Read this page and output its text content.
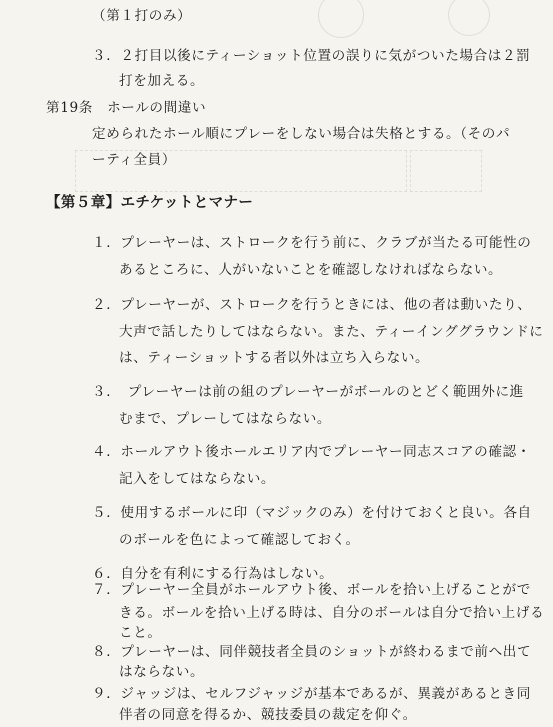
（第１打のみ）
３．２打目以後にティーショット位置の誤りに気がついた場合は２罰
打を加える。
第19条　ホールの間違い
定められたホール順にプレーをしない場合は失格とする。（そのパ
ーティ全員）
【第５章】エチケットとマナー
１．プレーヤーは、ストロークを行う前に、クラブが当たる可能性の
あるところに、人がいないことを確認しなければならない。
２．プレーヤーが、ストロークを行うときには、他の者は動いたり、
大声で話したりしてはならない。また、ティーインググラウンドに
は、ティーショットする者以外は立ち入らない。
３．　プレーヤーは前の組のプレーヤーがボールのとどく範囲外に進
むまで、プレーしてはならない。
４．ホールアウト後ホールエリア内でプレーヤー同志スコアの確認・
記入をしてはならない。
５．使用するボールに印（マジックのみ）を付けておくと良い。各自
のボールを色によって確認しておく。
６．自分を有利にする行為はしない。
７．プレーヤー全員がホールアウト後、ボールを拾い上げることがで
きる。ボールを拾い上げる時は、自分のボールは自分で拾い上げる
こと。
８．プレーヤーは、同伴競技者全員のショットが終わるまで前へ出て
はならない。
９．ジャッジは、セルフジャッジが基本であるが、異義があるとき同
伴者の同意を得るか、競技委員の裁定を仰ぐ。
